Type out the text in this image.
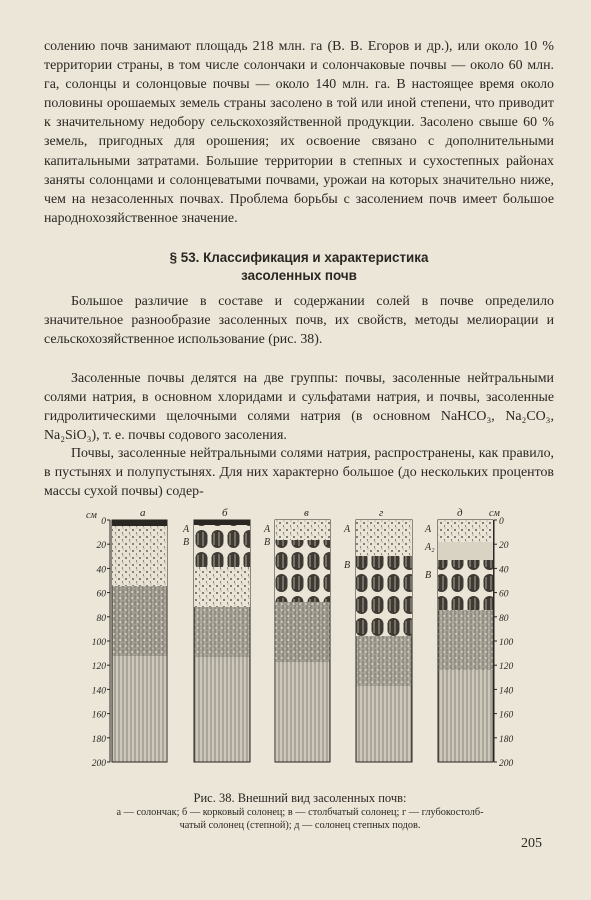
солению почв занимают площадь 218 млн. га (В. В. Егоров и др.), или около 10 % территории страны, в том числе солончаки и солончаковые почвы — около 60 млн. га, солонцы и солонцовые почвы — около 140 млн. га. В настоящее время около половины орошаемых земель страны засолено в той или иной степени, что приводит к значительному недобору сельскохозяйственной продукции. Засолено свыше 60 % земель, пригодных для орошения; их освоение связано с дополнительными капитальными затратами. Большие территории в степных и сухостепных районах заняты солонцами и солонцеватыми почвами, урожаи на которых значительно ниже, чем на незасоленных почвах. Проблема борьбы с засолением почв имеет большое народнохозяйственное значение.
§ 53. Классификация и характеристика
засоленных почв
Большое различие в составе и содержании солей в почве определило значительное разнообразие засоленных почв, их свойств, методы мелиорации и сельскохозяйственное использование (рис. 38).
Засоленные почвы делятся на две группы: почвы, засоленные нейтральными солями натрия, в основном хлоридами и сульфатами натрия, и почвы, засоленные гидролитическими щелочными солями натрия (в основном NaHCO₃, Na₂CO₃, Na₂SiO₃), т. е. почвы содового засоления.
Почвы, засоленные нейтральными солями натрия, распространены, как правило, в пустынях и полупустынях. Для них характерно большое (до нескольких процентов массы сухой почвы) содер-
см
0
20
40
60
80
100
120
140
160
180
200
см
0
20
40
60
80
100
120
140
160
180
200
а	б
А
В
в
А
В
г
А
В
д
А
А₂
В
Рис. 38. Внешний вид засоленных почв:
а — солончак; б — корковый солонец; в — столбчатый солонец; г — глубокостолб-
чатый солонец (степной); д — солонец степных подов.
205
